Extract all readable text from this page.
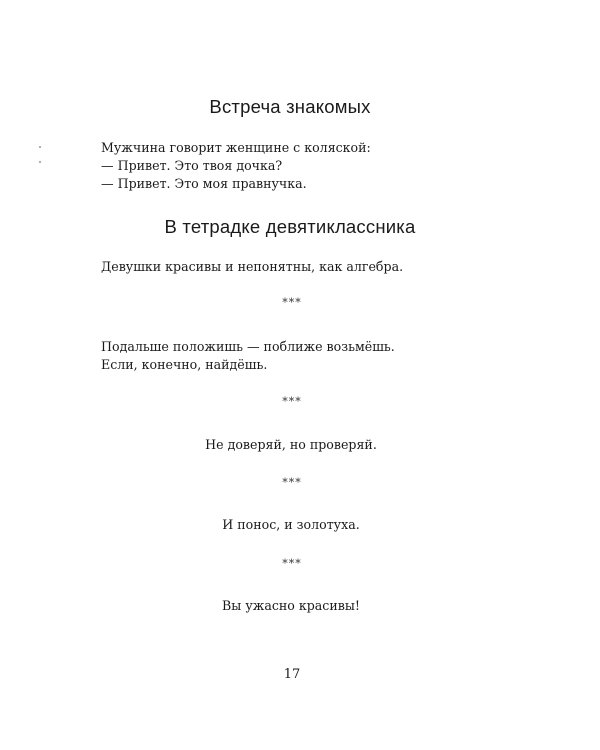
Встреча знакомых

Мужчина говорит женщине с коляской:

— Привет. Это твоя дочка?

— Привет. Это моя правнучка.

В тетрадке девятиклассника

Девушки красивы и непонятны, как алгебра.

***

Подальше положишь — поближе возьмёшь.

Если, конечно, найдёшь.

***

Не доверяй, но проверяй.

***

И понос, и золотуха.

***

Вы ужасно красивы!

17
